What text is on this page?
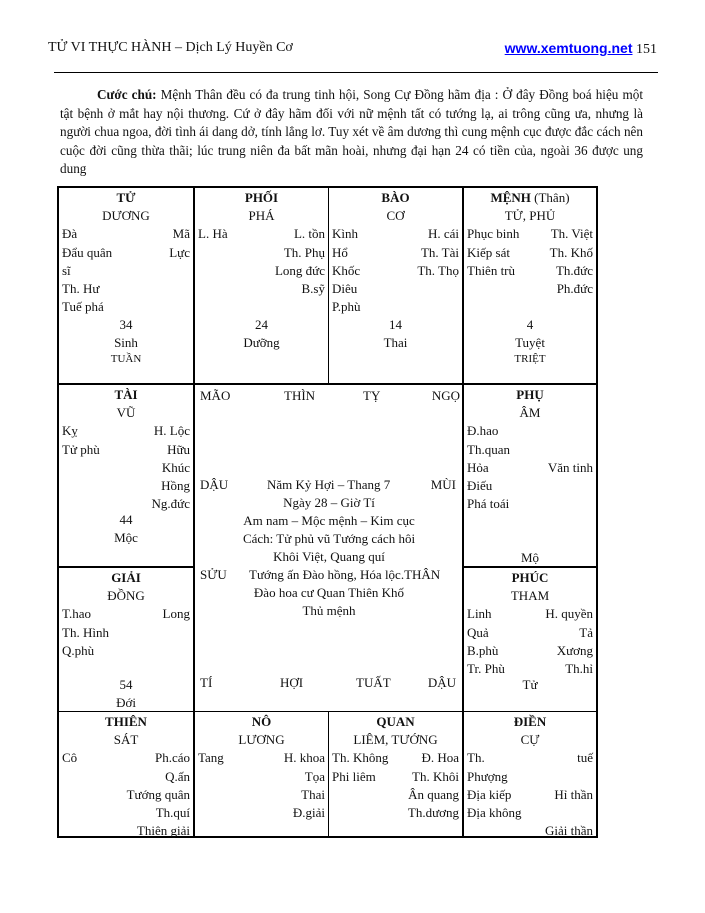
TỬ VI THỰC HÀNH – Dịch Lý Huyền Cơ	www.xemtuong.net 151
Cước chú: Mệnh Thân đều có đa trung tinh hội, Song Cự Đồng hãm địa : Ở đây Đồng boá hiệu một tật bệnh ở mắt hay nội thương. Cứ ở đây hãm đối với nữ mệnh tất có tướng lạ, ai trông cũng ưa, nhưng là người chua ngoa, đời tình ái dang dở, tính lẳng lơ. Tuy xét về âm dương thì cung mệnh cục được đắc cách nên cuộc đời cũng thừa thãi; lúc trung niên đa bất mãn hoài, nhưng đại hạn 24 có tiền của, ngoài 36 được ung dung
TỬ
DƯƠNG
Đà	Mã
Đẩu quân	Lực
sĩ
Th. Hư
Tuế phá
34
Sinh
TUẦN
PHỐI
PHÁ
L. Hà	L. tồn
Th. Phụ
Long đức
B.sỹ
24
Dưỡng
BÀO
CƠ
Kình	H. cái
Hổ	Th. Tài
Khốc	Th. Thọ
Diêu
P.phù
14
Thai
MỆNH (Thân)
TỬ, PHỦ
Phục binh Th. Việt
Kiếp sát	Th. Khố
Thiên trù	Th.đức
Ph.đức
4
Tuyệt
TRIỆT
TÀI
VŨ
Kỵ	H. Lộc
Tử phù	Hữu
Khúc
Hồng
Ng.đức
44
Mộc
PHỤ
ÂM
Đ.hao
Th.quan
Hỏa	Văn tinh
Điếu
Phá toái
Mộ
GIẢI
ĐỒNG
T.hao	Long
Th. Hình
Q.phù
54
Đới
PHÚC
THAM
Linh	H. quyền
Quả	Tả
B.phù	Xương
Tr. Phù	Th.hỉ
Tử
THIÊN
SÁT
Cô	Ph.cáo
Q.ấn
Tướng quân
Th.quí
Thiên giải
NÔ
LƯƠNG
Tang	H. khoa
Tọa
Thai
Đ.giải
QUAN
LIÊM, TƯỚNG
Th. Không	Đ. Hoa
Phi liêm	Th. Khôi
Ân quang
Th.dương
ĐIỀN
CỰ
Th.	tuế
Phượng
Địa kiếp	Hỉ thần
Địa không
Giải thần
MÃO	THÌN	TỴ	NGỌ
DẬU	Năm Kỷ Hợi – Thang 7	MÙI
Ngày 28 – Giờ Tí
Am nam – Mộc mệnh – Kim cục
Cách: Tử phủ vũ Tướng cách hôi
Khôi Việt, Quang quí
SỬU Tướng ấn Đào hồng, Hóa lộc.THÂN
Đào hoa cư Quan Thiên Khố
Thủ mệnh
TÍ	HỢI	TUẤT	DẬU
